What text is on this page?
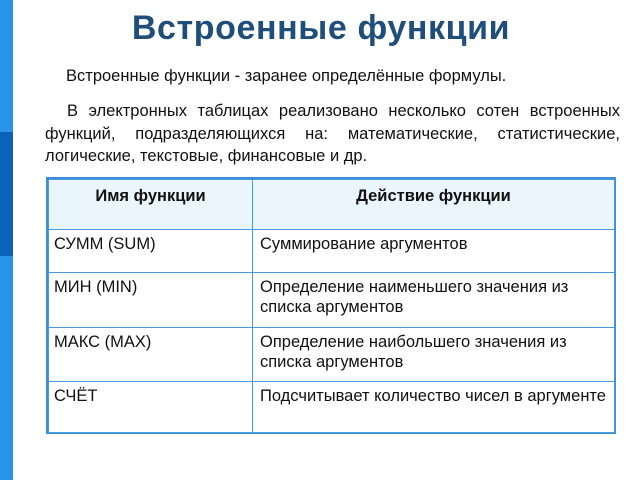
Встроенные функции
Встроенные функции - заранее определённые формулы.
В электронных таблицах реализовано несколько сотен встроенных функций, подразделяющихся на: математические, статистические, логические, текстовые, финансовые и др.
Имя функции	Действие функции
СУММ (SUM)	Суммирование аргументов
МИН (MIN)	Определение наименьшего значения из списка аргументов
МАКС (MAX)	Определение наибольшего значения из списка аргументов
СЧЁТ	Подсчитывает количество чисел в аргументе
